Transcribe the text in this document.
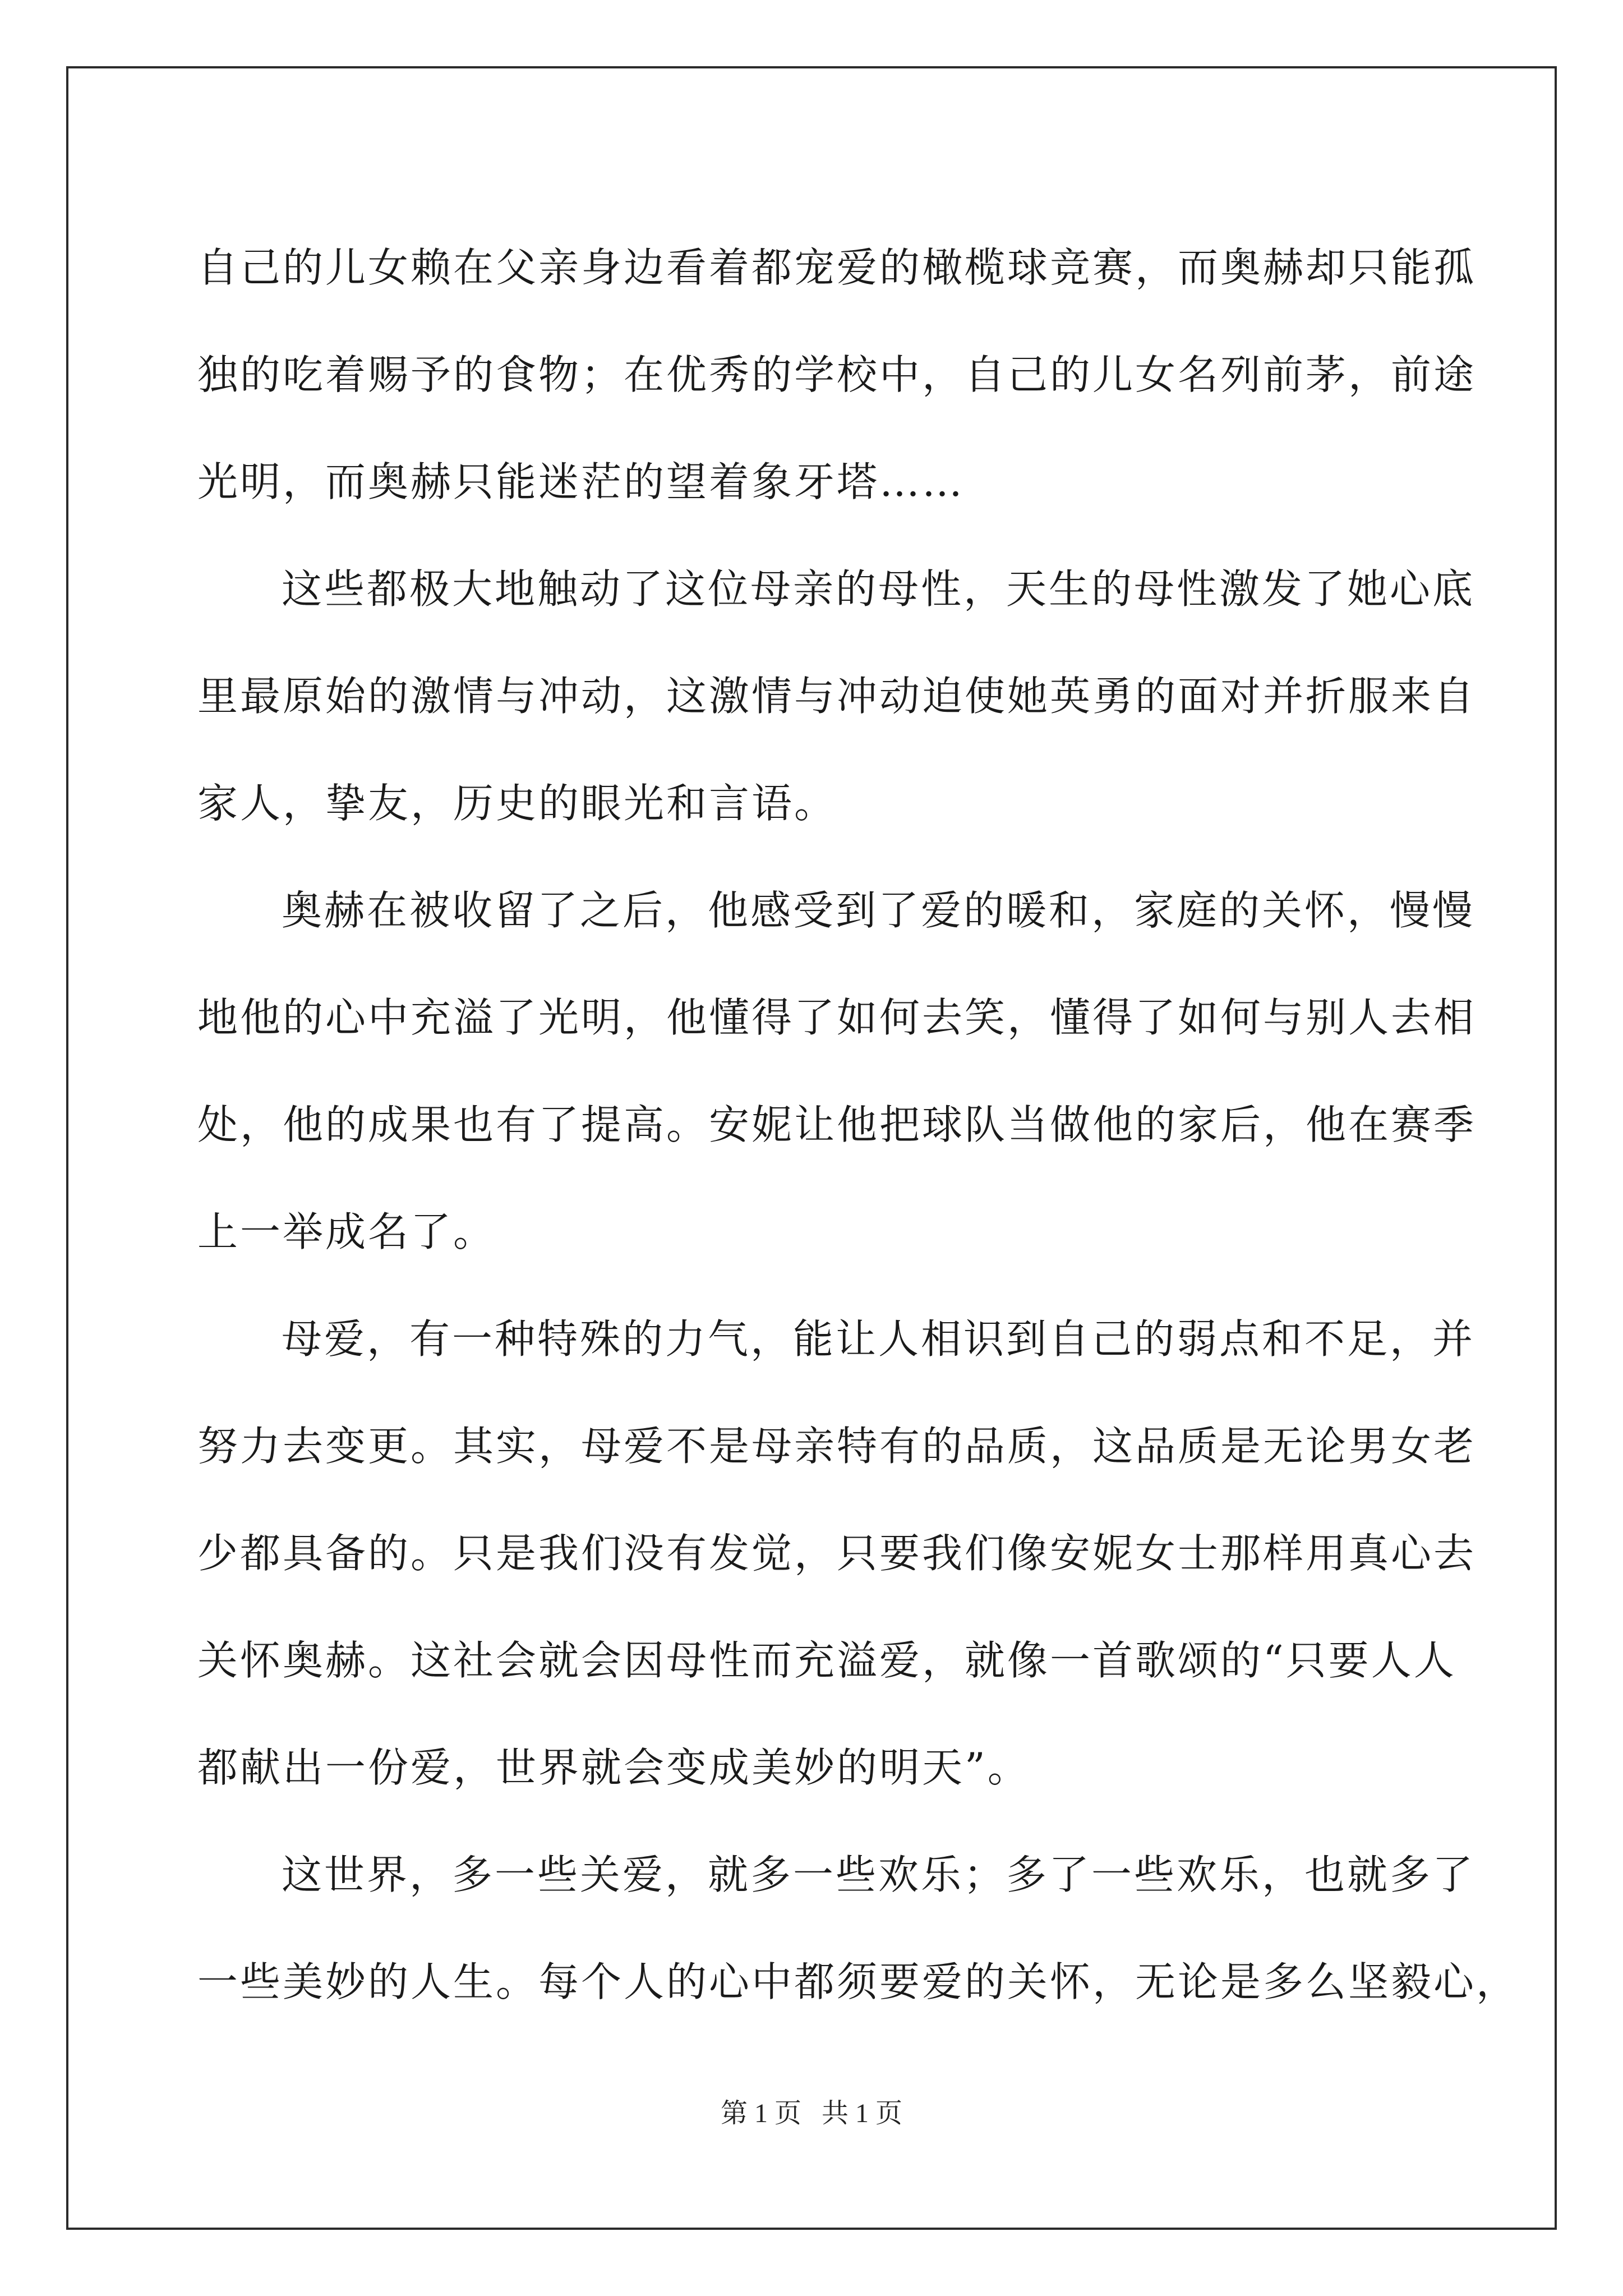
自己的儿女赖在父亲身边看着都宠爱的橄榄球竞赛，而奥赫却只能孤
独的吃着赐予的食物；在优秀的学校中，自己的儿女名列前茅，前途
光明，而奥赫只能迷茫的望着象牙塔……
这些都极大地触动了这位母亲的母性，天生的母性激发了她心底
里最原始的激情与冲动，这激情与冲动迫使她英勇的面对并折服来自
家人，挚友，历史的眼光和言语。
奥赫在被收留了之后，他感受到了爱的暖和，家庭的关怀，慢慢
地他的心中充溢了光明，他懂得了如何去笑，懂得了如何与别人去相
处，他的成果也有了提高。安妮让他把球队当做他的家后，他在赛季
上一举成名了。
母爱，有一种特殊的力气，能让人相识到自己的弱点和不足，并
努力去变更。其实，母爱不是母亲特有的品质，这品质是无论男女老
少都具备的。只是我们没有发觉，只要我们像安妮女士那样用真心去
关怀奥赫。这社会就会因母性而充溢爱，就像一首歌颂的“只要人人
都献出一份爱，世界就会变成美妙的明天”。
这世界，多一些关爱，就多一些欢乐；多了一些欢乐，也就多了
一些美妙的人生。每个人的心中都须要爱的关怀，无论是多么坚毅心，
第 1 页 共 1 页
